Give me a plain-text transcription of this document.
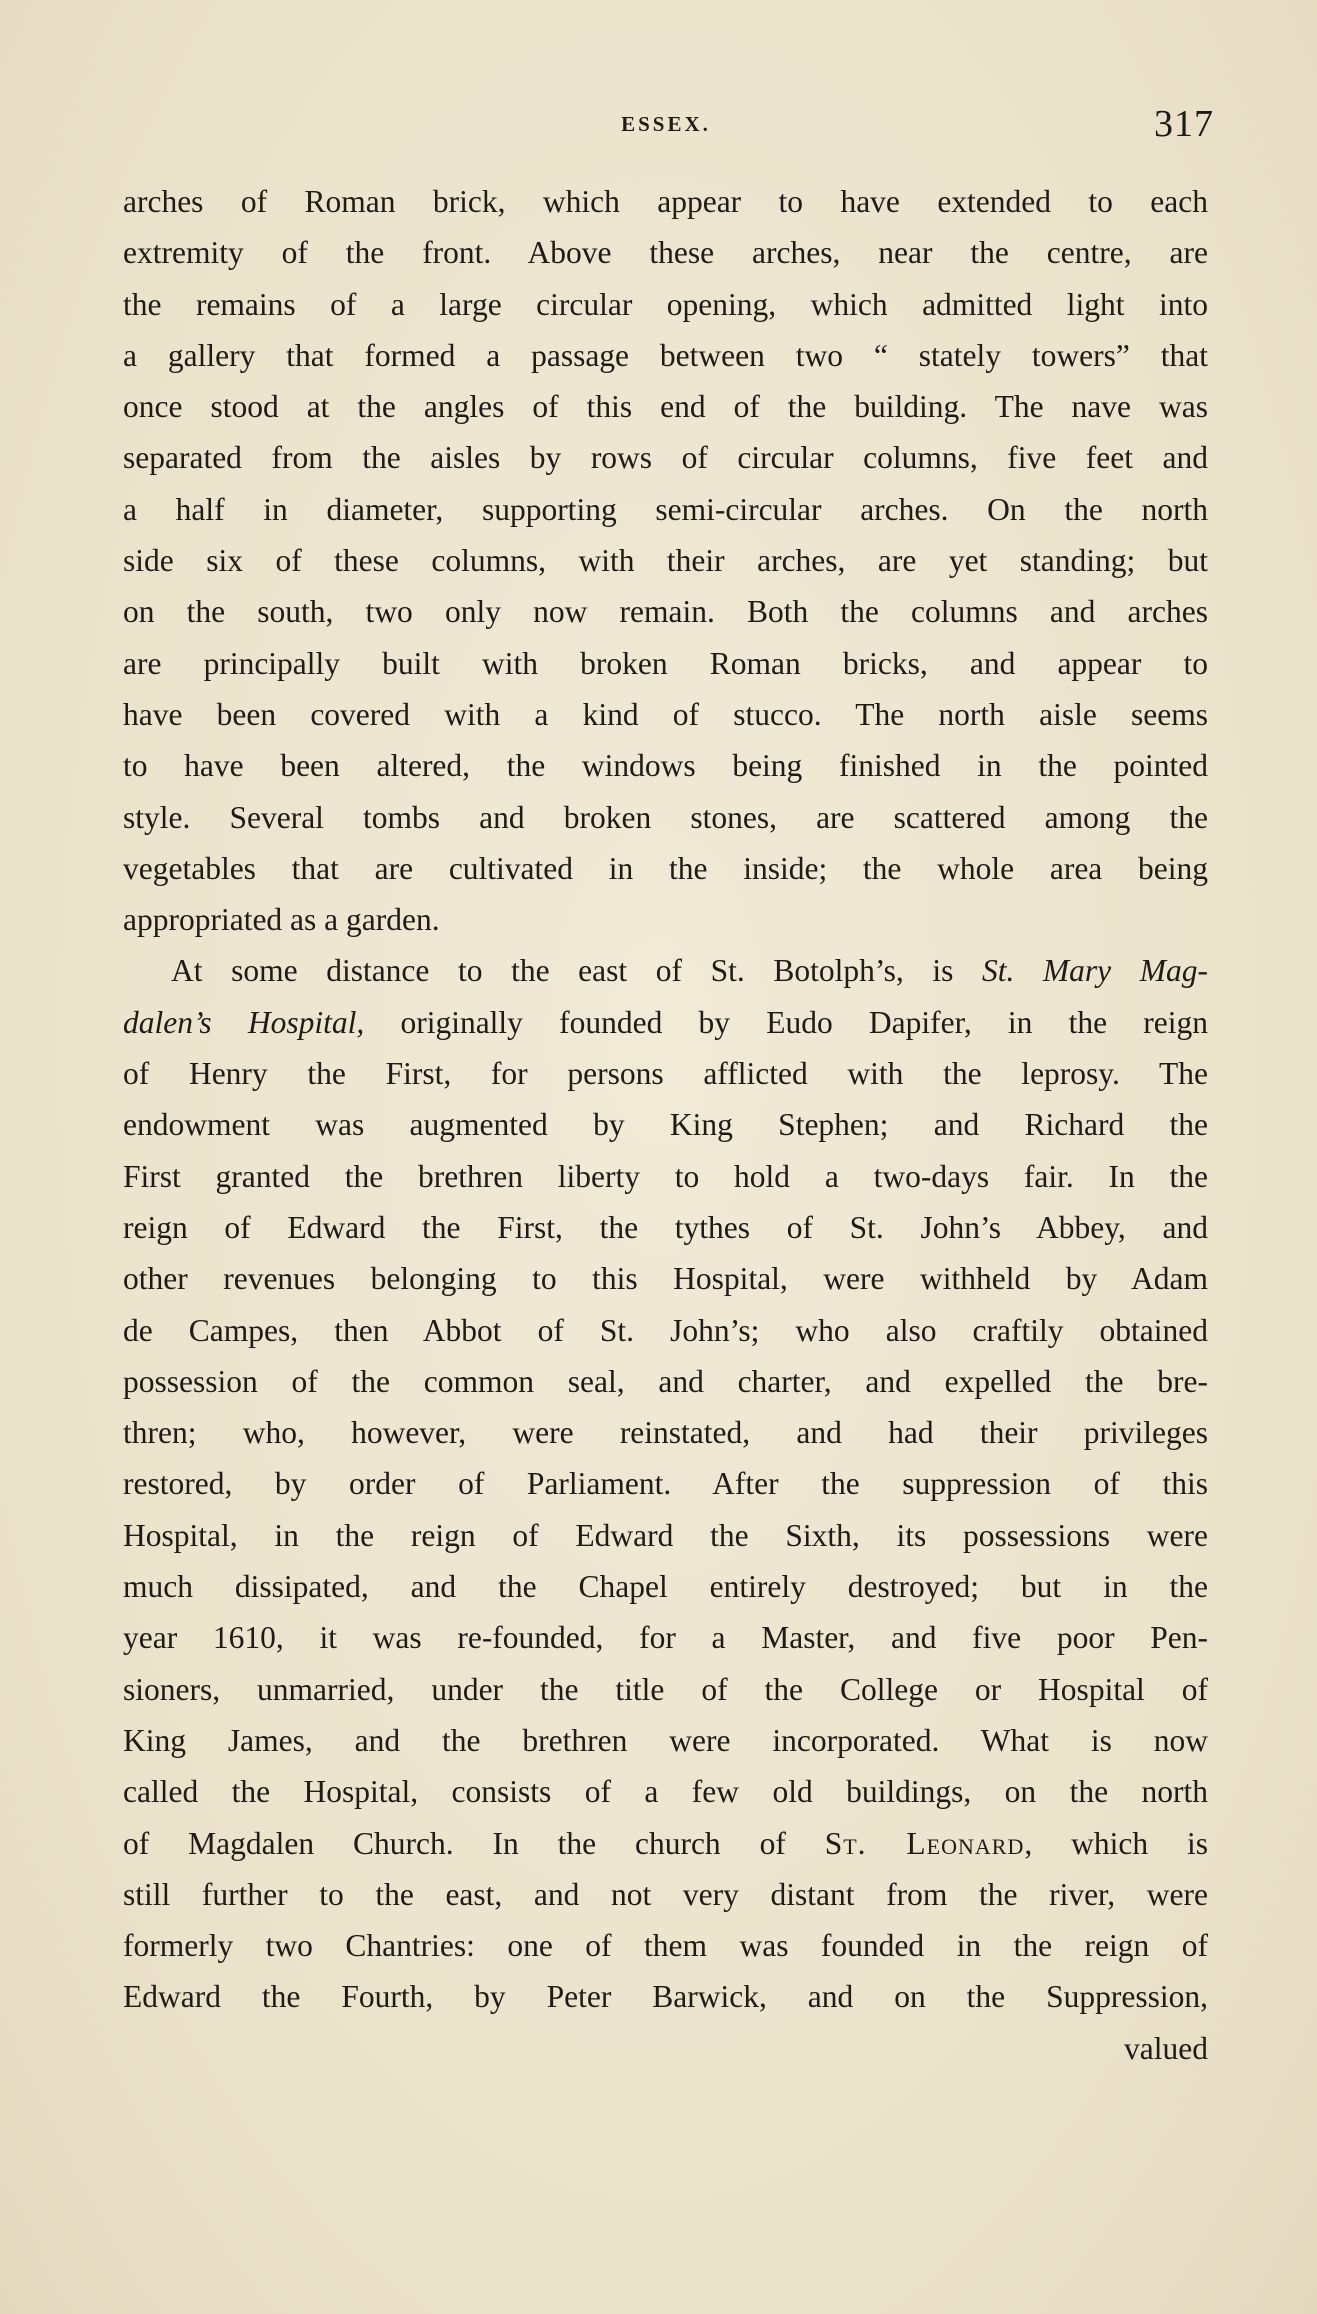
ESSEX.	317
arches of Roman brick, which appear to have extended to each
extremity of the front. Above these arches, near the centre, are
the remains of a large circular opening, which admitted light into
a gallery that formed a passage between two “ stately towers” that
once stood at the angles of this end of the building. The nave was
separated from the aisles by rows of circular columns, five feet and
a half in diameter, supporting semi-circular arches. On the north
side six of these columns, with their arches, are yet standing; but
on the south, two only now remain. Both the columns and arches
are principally built with broken Roman bricks, and appear to
have been covered with a kind of stucco. The north aisle seems
to have been altered, the windows being finished in the pointed
style. Several tombs and broken stones, are scattered among the
vegetables that are cultivated in the inside; the whole area being
appropriated as a garden.
At some distance to the east of St. Botolph’s, is St. Mary Mag-
dalen’s Hospital, originally founded by Eudo Dapifer, in the reign
of Henry the First, for persons afflicted with the leprosy. The
endowment was augmented by King Stephen; and Richard the
First granted the brethren liberty to hold a two-days fair. In the
reign of Edward the First, the tythes of St. John’s Abbey, and
other revenues belonging to this Hospital, were withheld by Adam
de Campes, then Abbot of St. John’s; who also craftily obtained
possession of the common seal, and charter, and expelled the bre-
thren; who, however, were reinstated, and had their privileges
restored, by order of Parliament. After the suppression of this
Hospital, in the reign of Edward the Sixth, its possessions were
much dissipated, and the Chapel entirely destroyed; but in the
year 1610, it was re-founded, for a Master, and five poor Pen-
sioners, unmarried, under the title of the College or Hospital of
King James, and the brethren were incorporated. What is now
called the Hospital, consists of a few old buildings, on the north
of Magdalen Church. In the church of St. Leonard, which is
still further to the east, and not very distant from the river, were
formerly two Chantries: one of them was founded in the reign of
Edward the Fourth, by Peter Barwick, and on the Suppression,
valued
